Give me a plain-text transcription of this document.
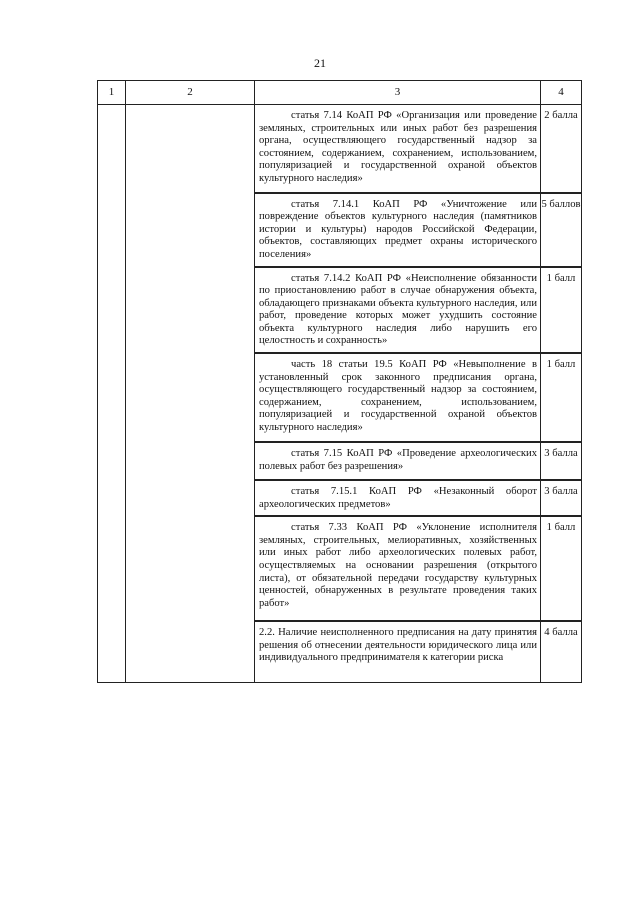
21
1	2	3	4

		статья 7.14 КоАП РФ «Организация или проведение земляных, строительных или иных работ без разрешения органа, осуществляющего государственный надзор за состоянием, содержанием, сохранением, использованием, популяризацией и государственной охраной объектов культурного наследия»	2 балла

		статья 7.14.1 КоАП РФ «Уничтожение или повреждение объектов культурного наследия (памятников истории и культуры) народов Российской Федерации, объектов, составляющих предмет охраны исторического поселения»	5 баллов

		статья 7.14.2 КоАП РФ «Неисполнение обязанности по приостановлению работ в случае обнаружения объекта, обладающего признаками объекта культурного наследия, или работ, проведение которых может ухудшить состояние объекта культурного наследия либо нарушить его целостность и сохранность»	1 балл

		часть 18 статьи 19.5 КоАП РФ «Невыполнение в установленный срок законного предписания органа, осуществляющего государственный надзор за состоянием, содержанием, сохранением, использованием, популяризацией и государственной охраной объектов культурного наследия»	1 балл

		статья 7.15 КоАП РФ «Проведение археологических полевых работ без разрешения»	3 балла

		статья 7.15.1 КоАП РФ «Незаконный оборот археологических предметов»	3 балла

		статья 7.33 КоАП РФ «Уклонение исполнителя земляных, строительных, мелиоративных, хозяйственных или иных работ либо археологических полевых работ, осуществляемых на основании разрешения (открытого листа), от обязательной передачи государству культурных ценностей, обнаруженных в результате проведения таких работ»	1 балл

		2.2. Наличие неисполненного предписания на дату принятия решения об отнесении деятельности юридического лица или индивидуального предпринимателя к категории риска	4 балла
